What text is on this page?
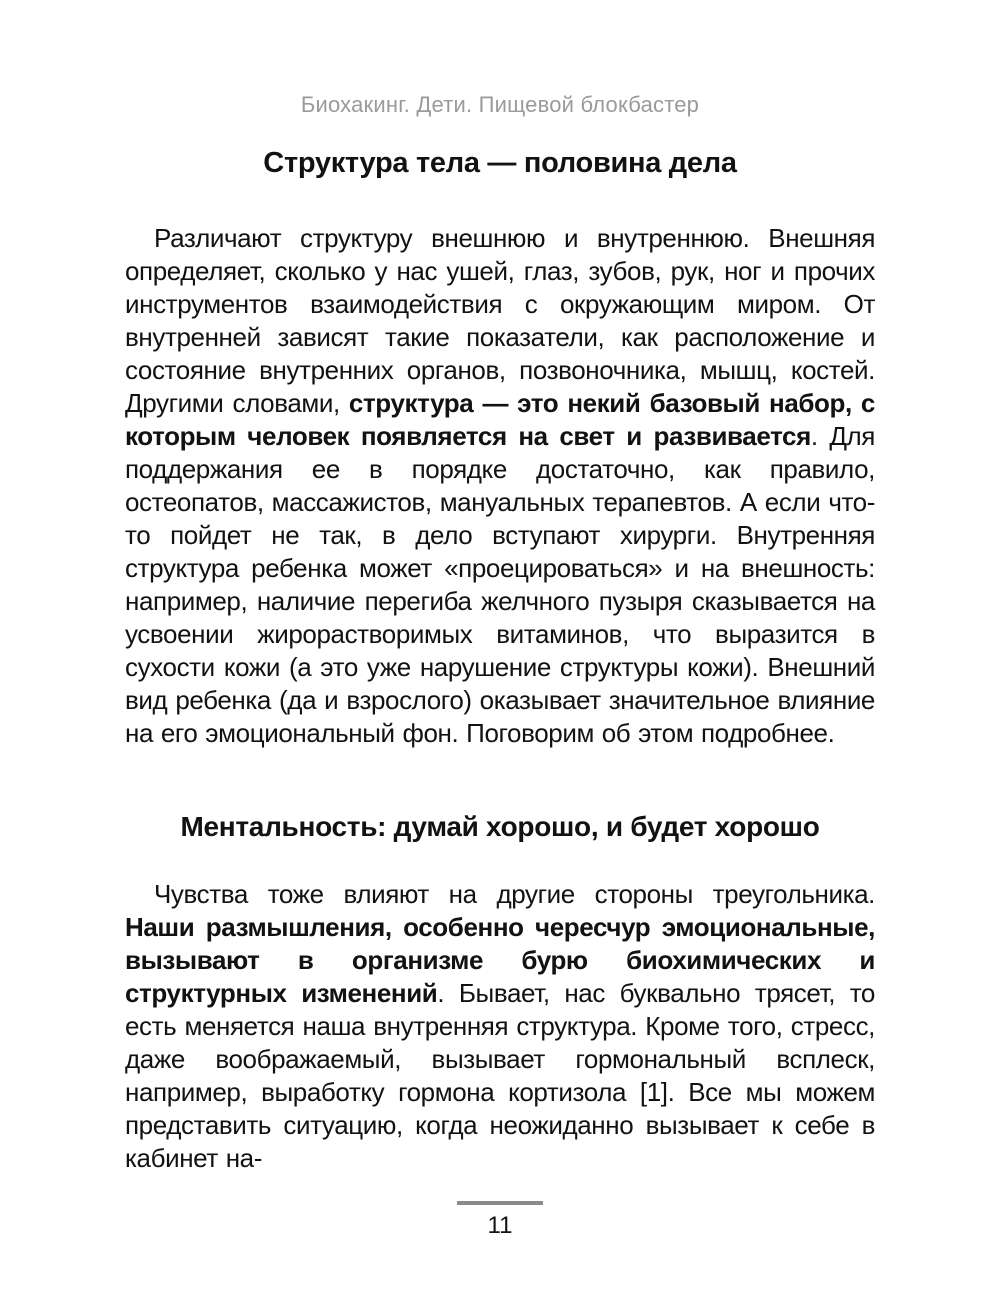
Биохакинг. Дети. Пищевой блокбастер

Структура тела — половина дела

Различают структуру внешнюю и внутреннюю. Внешняя определяет, сколько у нас ушей, глаз, зубов, рук, ног и прочих инструментов взаимодействия с окружающим миром. От внутренней зависят такие показатели, как расположение и состояние внутренних органов, позвоночника, мышц, костей. Другими словами, структура — это некий базовый набор, с которым человек появляется на свет и развивается. Для поддержания ее в порядке достаточно, как правило, остеопатов, массажистов, мануальных терапевтов. А если что-то пойдет не так, в дело вступают хирурги. Внутренняя структура ребенка может «проецироваться» и на внешность: например, наличие перегиба желчного пузыря сказывается на усвоении жирорастворимых витаминов, что выразится в сухости кожи (а это уже нарушение структуры кожи). Внешний вид ребенка (да и взрослого) оказывает значительное влияние на его эмоциональный фон. Поговорим об этом подробнее.

Ментальность: думай хорошо, и будет хорошо

Чувства тоже влияют на другие стороны треугольника. Наши размышления, особенно чересчур эмоциональные, вызывают в организме бурю биохимических и структурных изменений. Бывает, нас буквально трясет, то есть меняется наша внутренняя структура. Кроме того, стресс, даже воображаемый, вызывает гормональный всплеск, например, выработку гормона кортизола [1]. Все мы можем представить ситуацию, когда неожиданно вызывает к себе в кабинет на-

11
